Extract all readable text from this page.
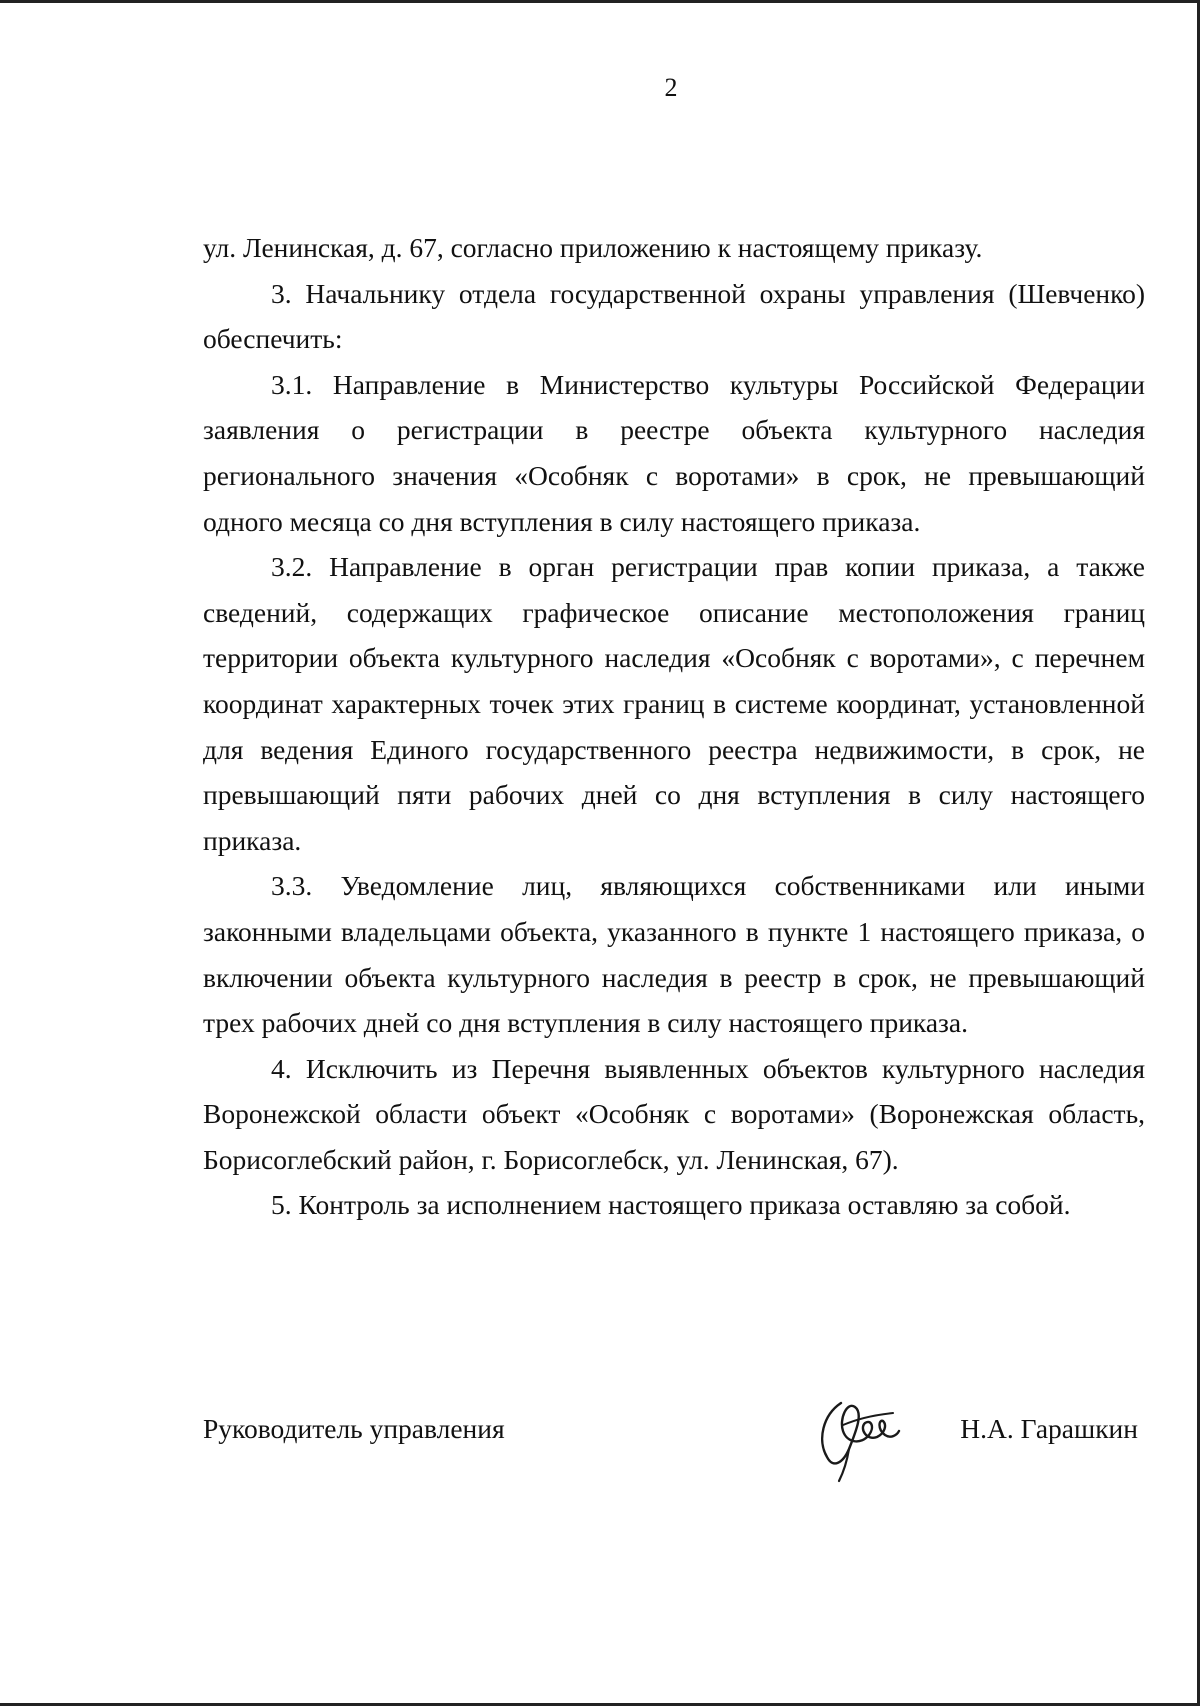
2

ул. Ленинская, д. 67, согласно приложению к настоящему приказу.

3. Начальнику отдела государственной охраны управления (Шевченко) обеспечить:

3.1. Направление в Министерство культуры Российской Федерации заявления о регистрации в реестре объекта культурного наследия регионального значения «Особняк с воротами» в срок, не превышающий одного месяца со дня вступления в силу настоящего приказа.

3.2. Направление в орган регистрации прав копии приказа, а также сведений, содержащих графическое описание местоположения границ территории объекта культурного наследия «Особняк с воротами», с перечнем координат характерных точек этих границ в системе координат, установленной для ведения Единого государственного реестра недвижимости, в срок, не превышающий пяти рабочих дней со дня вступления в силу настоящего приказа.

3.3. Уведомление лиц, являющихся собственниками или иными законными владельцами объекта, указанного в пункте 1 настоящего приказа, о включении объекта культурного наследия в реестр в срок, не превышающий трех рабочих дней со дня вступления в силу настоящего приказа.

4. Исключить из Перечня выявленных объектов культурного наследия Воронежской области объект «Особняк с воротами» (Воронежская область, Борисоглебский район, г. Борисоглебск, ул. Ленинская, 67).

5. Контроль за исполнением настоящего приказа оставляю за собой.

Руководитель управления	Н.А. Гарашкин
